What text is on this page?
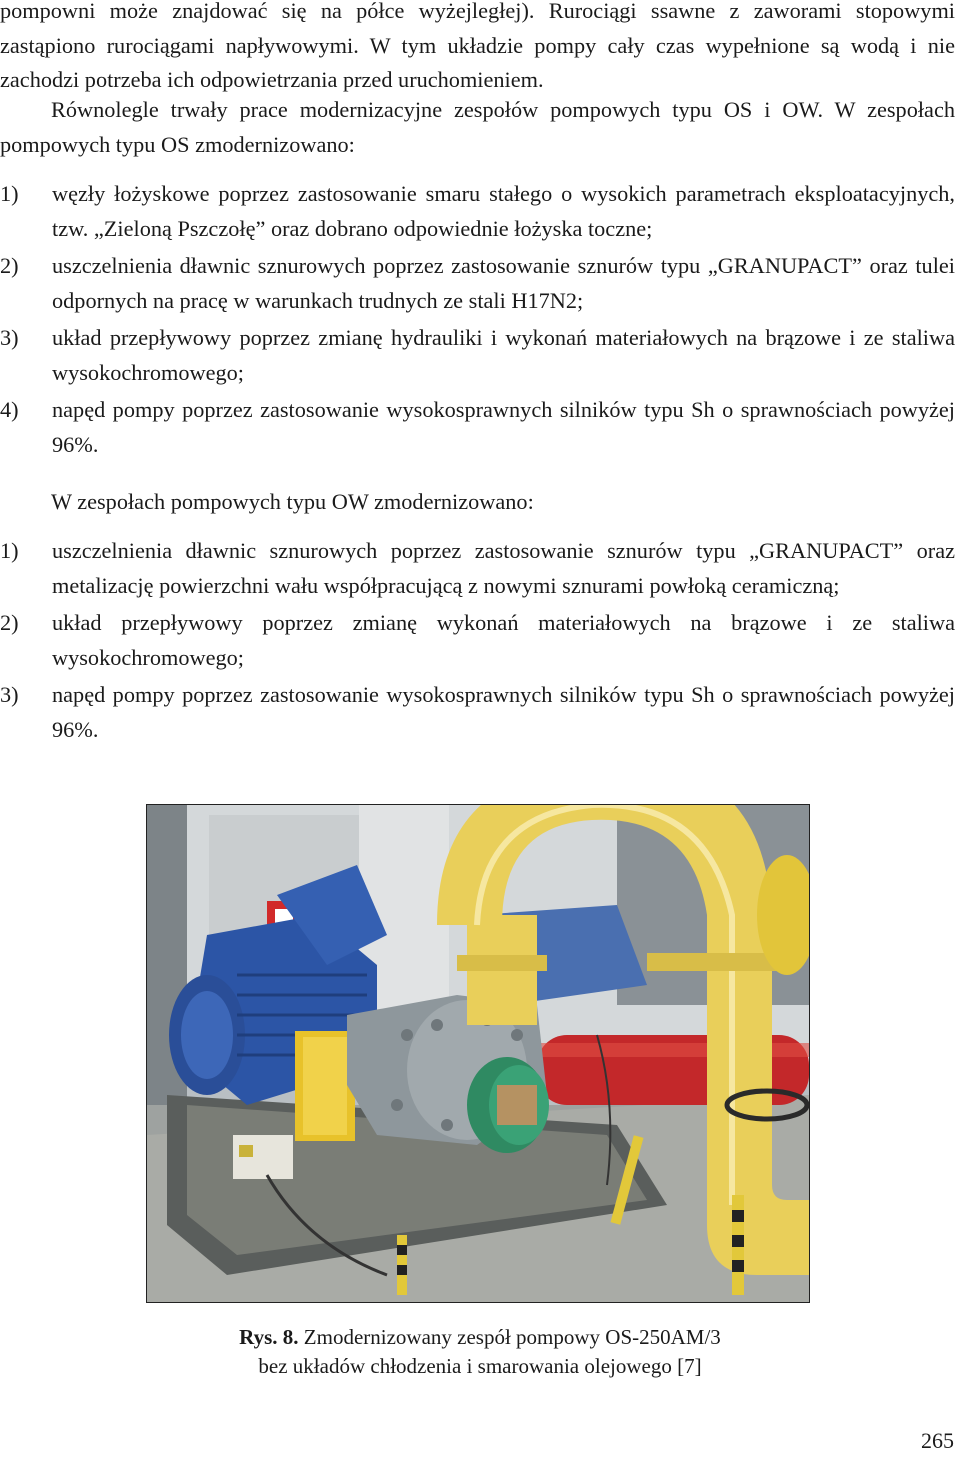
pompowni może znajdować się na półce wyżejległej). Rurociągi ssawne z zaworami stopowymi zastąpiono rurociągami napływowymi. W tym układzie pompy cały czas wypełnione są wodą i nie zachodzi potrzeba ich odpowietrzania przed uruchomieniem.

Równolegle trwały prace modernizacyjne zespołów pompowych typu OS i OW. W zespołach pompowych typu OS zmodernizowano:

1) węzły łożyskowe poprzez zastosowanie smaru stałego o wysokich parametrach eksploatacyjnych, tzw. „Zieloną Pszczołę” oraz dobrano odpowiednie łożyska toczne;
2) uszczelnienia dławnic sznurowych poprzez zastosowanie sznurów typu „GRANUPACT” oraz tulei odpornych na pracę w warunkach trudnych ze stali H17N2;
3) układ przepływowy poprzez zmianę hydrauliki i wykonań materiałowych na brązowe i ze staliwa wysokochromowego;
4) napęd pompy poprzez zastosowanie wysokosprawnych silników typu Sh o sprawnościach powyżej 96%.

W zespołach pompowych typu OW zmodernizowano:

1) uszczelnienia dławnic sznurowych poprzez zastosowanie sznurów typu „GRANUPACT” oraz metalizację powierzchni wału współpracującą z nowymi sznurami powłoką ceramiczną;
2) układ przepływowy poprzez zmianę wykonań materiałowych na brązowe i ze staliwa wysokochromowego;
3) napęd pompy poprzez zastosowanie wysokosprawnych silników typu Sh o sprawnościach powyżej 96%.
Rys. 8. Zmodernizowany zespół pompowy OS-250AM/3
bez układów chłodzenia i smarowania olejowego [7]
265
